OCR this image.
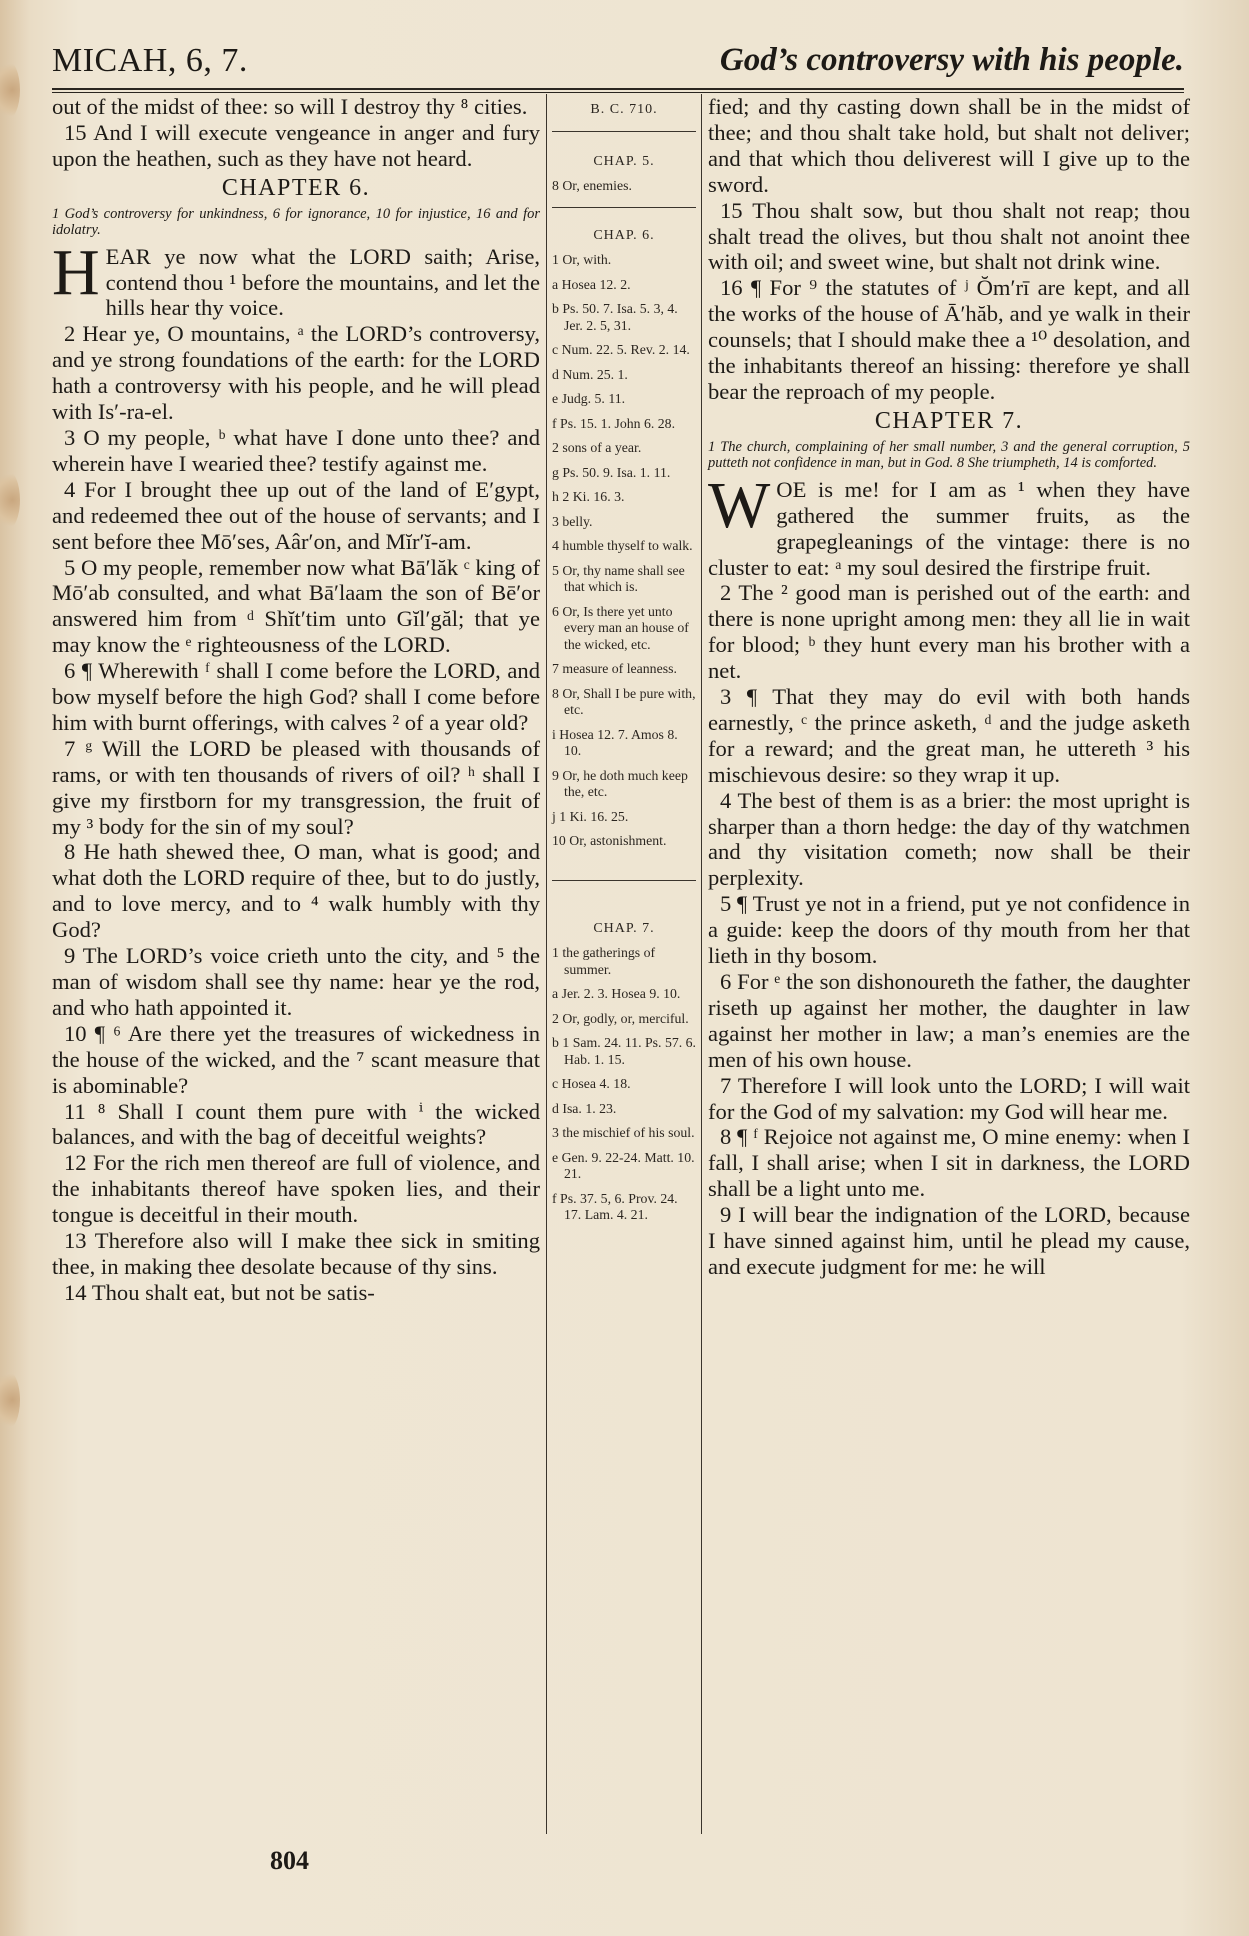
MICAH, 6, 7.	God’s controversy with his people.

out of the midst of thee: so will I destroy thy ⁸ cities.

15 And I will execute vengeance in anger and fury upon the heathen, such as they have not heard.

CHAPTER 6.
1 God’s controversy for unkindness, 6 for ignorance, 10 for injustice, 16 and for idolatry.

HEAR ye now what the LORD saith; Arise, contend thou ¹ before the mountains, and let the hills hear thy voice.

2 Hear ye, O mountains, ᵃ the LORD’s controversy, and ye strong foundations of the earth: for the LORD hath a controversy with his people, and he will plead with Is′-ra-el.

3 O my people, ᵇ what have I done unto thee? and wherein have I wearied thee? testify against me.

4 For I brought thee up out of the land of E′gypt, and redeemed thee out of the house of servants; and I sent before thee Mō′ses, Aâr′on, and Mĭr′ĭ-am.

5 O my people, remember now what Bā′lăk ᶜ king of Mō′ab consulted, and what Bā′laam the son of Bē′or answered him from ᵈ Shĭt′tim unto Gĭl′găl; that ye may know the ᵉ righteousness of the LORD.

6 ¶ Wherewith ᶠ shall I come before the LORD, and bow myself before the high God? shall I come before him with burnt offerings, with calves ² of a year old?

7 ᵍ Will the LORD be pleased with thousands of rams, or with ten thousands of rivers of oil? ʰ shall I give my firstborn for my transgression, the fruit of my ³ body for the sin of my soul?

8 He hath shewed thee, O man, what is good; and what doth the LORD require of thee, but to do justly, and to love mercy, and to ⁴ walk humbly with thy God?

9 The LORD’s voice crieth unto the city, and ⁵ the man of wisdom shall see thy name: hear ye the rod, and who hath appointed it.

10 ¶ ⁶ Are there yet the treasures of wickedness in the house of the wicked, and the ⁷ scant measure that is abominable?

11 ⁸ Shall I count them pure with ⁱ the wicked balances, and with the bag of deceitful weights?

12 For the rich men thereof are full of violence, and the inhabitants thereof have spoken lies, and their tongue is deceitful in their mouth.

13 Therefore also will I make thee sick in smiting thee, in making thee desolate because of thy sins.

14 Thou shalt eat, but not be satis-

B. C. 710.
CHAP. 5.
8 Or, enemies.
CHAP. 6.
1 Or, with.
a Hosea 12. 2.
b Ps. 50. 7. Isa. 5. 3, 4. Jer. 2. 5, 31.
c Num. 22. 5. Rev. 2. 14.
d Num. 25. 1.
e Judg. 5. 11.
f Ps. 15. 1. John 6. 28.
2 sons of a year.
g Ps. 50. 9. Isa. 1. 11.
h 2 Ki. 16. 3.
3 belly.
4 humble thyself to walk.
5 Or, thy name shall see that which is.
6 Or, Is there yet unto every man an house of the wicked, etc.
7 measure of leanness.
8 Or, Shall I be pure with, etc.
i Hosea 12. 7. Amos 8. 10.
9 Or, he doth much keep the, etc.
j 1 Ki. 16. 25.
10 Or, astonishment.
CHAP. 7.
1 the gatherings of summer.
a Jer. 2. 3. Hosea 9. 10.
2 Or, godly, or, merciful.
b 1 Sam. 24. 11. Ps. 57. 6. Hab. 1. 15.
c Hosea 4. 18.
d Isa. 1. 23.
3 the mischief of his soul.
e Gen. 9. 22-24. Matt. 10. 21.
f Ps. 37. 5, 6. Prov. 24. 17. Lam. 4. 21.

fied; and thy casting down shall be in the midst of thee; and thou shalt take hold, but shalt not deliver; and that which thou deliverest will I give up to the sword.

15 Thou shalt sow, but thou shalt not reap; thou shalt tread the olives, but thou shalt not anoint thee with oil; and sweet wine, but shalt not drink wine.

16 ¶ For ⁹ the statutes of ʲ Ŏm′rī are kept, and all the works of the house of Ā′hăb, and ye walk in their counsels; that I should make thee a ¹⁰ desolation, and the inhabitants thereof an hissing: therefore ye shall bear the reproach of my people.

CHAPTER 7.
1 The church, complaining of her small number, 3 and the general corruption, 5 putteth not confidence in man, but in God. 8 She triumpheth, 14 is comforted.

WOE is me! for I am as ¹ when they have gathered the summer fruits, as the grapegleanings of the vintage: there is no cluster to eat: ᵃ my soul desired the firstripe fruit.

2 The ² good man is perished out of the earth: and there is none upright among men: they all lie in wait for blood; ᵇ they hunt every man his brother with a net.

3 ¶ That they may do evil with both hands earnestly, ᶜ the prince asketh, ᵈ and the judge asketh for a reward; and the great man, he uttereth ³ his mischievous desire: so they wrap it up.

4 The best of them is as a brier: the most upright is sharper than a thorn hedge: the day of thy watchmen and thy visitation cometh; now shall be their perplexity.

5 ¶ Trust ye not in a friend, put ye not confidence in a guide: keep the doors of thy mouth from her that lieth in thy bosom.

6 For ᵉ the son dishonoureth the father, the daughter riseth up against her mother, the daughter in law against her mother in law; a man’s enemies are the men of his own house.

7 Therefore I will look unto the LORD; I will wait for the God of my salvation: my God will hear me.

8 ¶ ᶠ Rejoice not against me, O mine enemy: when I fall, I shall arise; when I sit in darkness, the LORD shall be a light unto me.

9 I will bear the indignation of the LORD, because I have sinned against him, until he plead my cause, and execute judgment for me: he will

804
